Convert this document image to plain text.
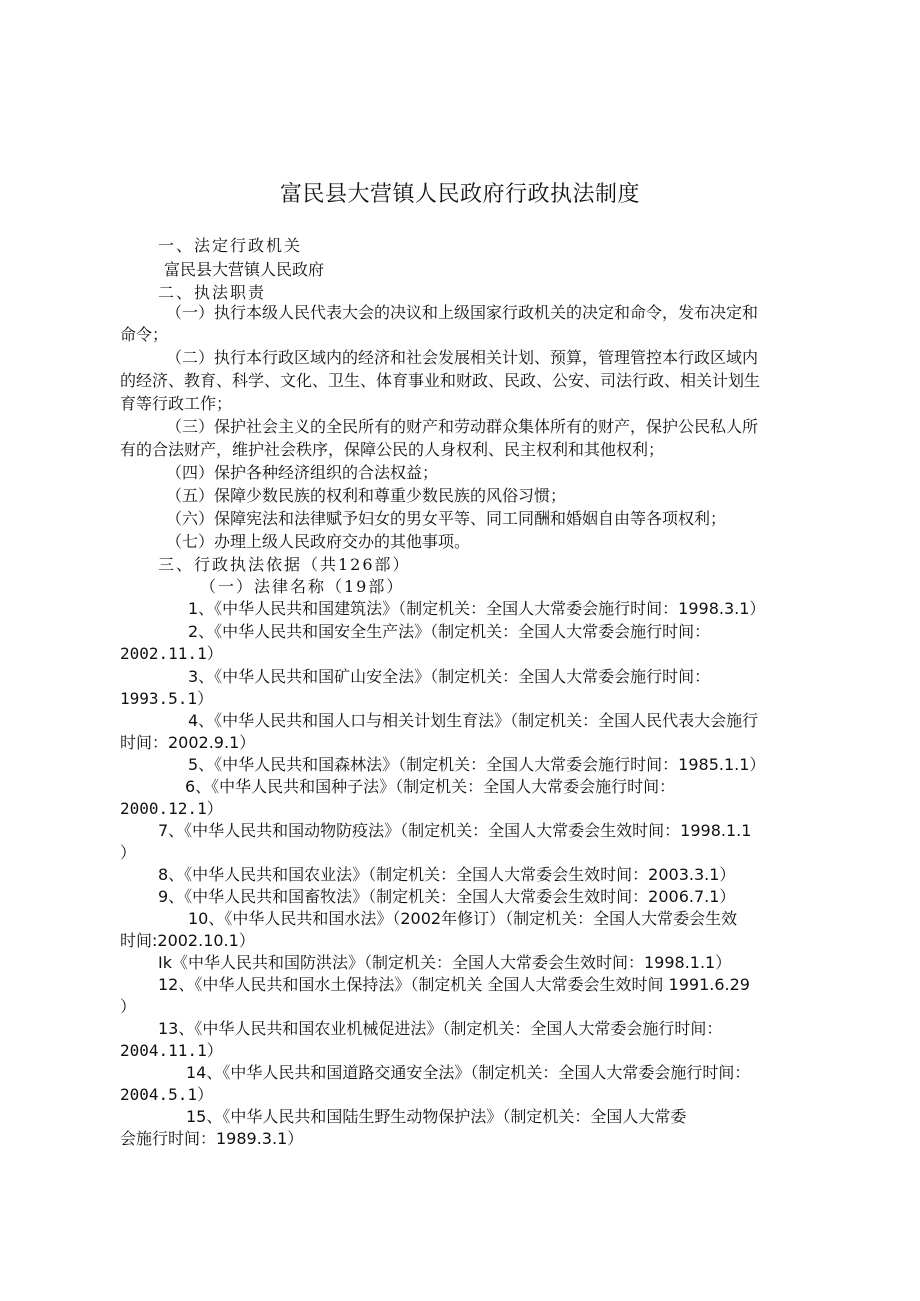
富民县大营镇人民政府行政执法制度
一、法定行政机关
富民县大营镇人民政府
二、执法职责
（一）执行本级人民代表大会的决议和上级国家行政机关的决定和命令，发布决定和
命令；
（二）执行本行政区域内的经济和社会发展相关计划、预算，管理管控本行政区域内
的经济、教育、科学、文化、卫生、体育事业和财政、民政、公安、司法行政、相关计划生
育等行政工作；
（三）保护社会主义的全民所有的财产和劳动群众集体所有的财产，保护公民私人所
有的合法财产，维护社会秩序，保障公民的人身权利、民主权利和其他权利；
（四）保护各种经济组织的合法权益；
（五）保障少数民族的权利和尊重少数民族的风俗习惯；
（六）保障宪法和法律赋予妇女的男女平等、同工同酬和婚姻自由等各项权利；
（七）办理上级人民政府交办的其他事项。
三、行政执法依据（共126部）
（一）法律名称（19部）
1、《中华人民共和国建筑法》（制定机关：全国人大常委会施行时间：1998.3.1）
2、《中华人民共和国安全生产法》（制定机关：全国人大常委会施行时间：
2002.11.1）
3、《中华人民共和国矿山安全法》（制定机关：全国人大常委会施行时间：
1993.5.1）
4、《中华人民共和国人口与相关计划生育法》（制定机关：全国人民代表大会施行
时间：2002.9.1）
5、《中华人民共和国森林法》（制定机关：全国人大常委会施行时间：1985.1.1）
6、《中华人民共和国种子法》（制定机关：全国人大常委会施行时间：
2000.12.1）
7、《中华人民共和国动物防疫法》（制定机关：全国人大常委会生效时间：1998.1.1
）
8、《中华人民共和国农业法》（制定机关：全国人大常委会生效时间：2003.3.1）
9、《中华人民共和国畜牧法》（制定机关：全国人大常委会生效时间：2006.7.1）
10、《中华人民共和国水法》（2002年修订）（制定机关：全国人大常委会生效
时间:2002.10.1）
Ik《中华人民共和国防洪法》（制定机关：全国人大常委会生效时间：1998.1.1）
12、《中华人民共和国水土保持法》（制定机关 全国人大常委会生效时间 1991.6.29
）
13、《中华人民共和国农业机械促进法》（制定机关：全国人大常委会施行时间：
2004.11.1）
14、《中华人民共和国道路交通安全法》（制定机关：全国人大常委会施行时间：
2004.5.1）
15、《中华人民共和国陆生野生动物保护法》（制定机关：全国人大常委
会施行时间：1989.3.1）
